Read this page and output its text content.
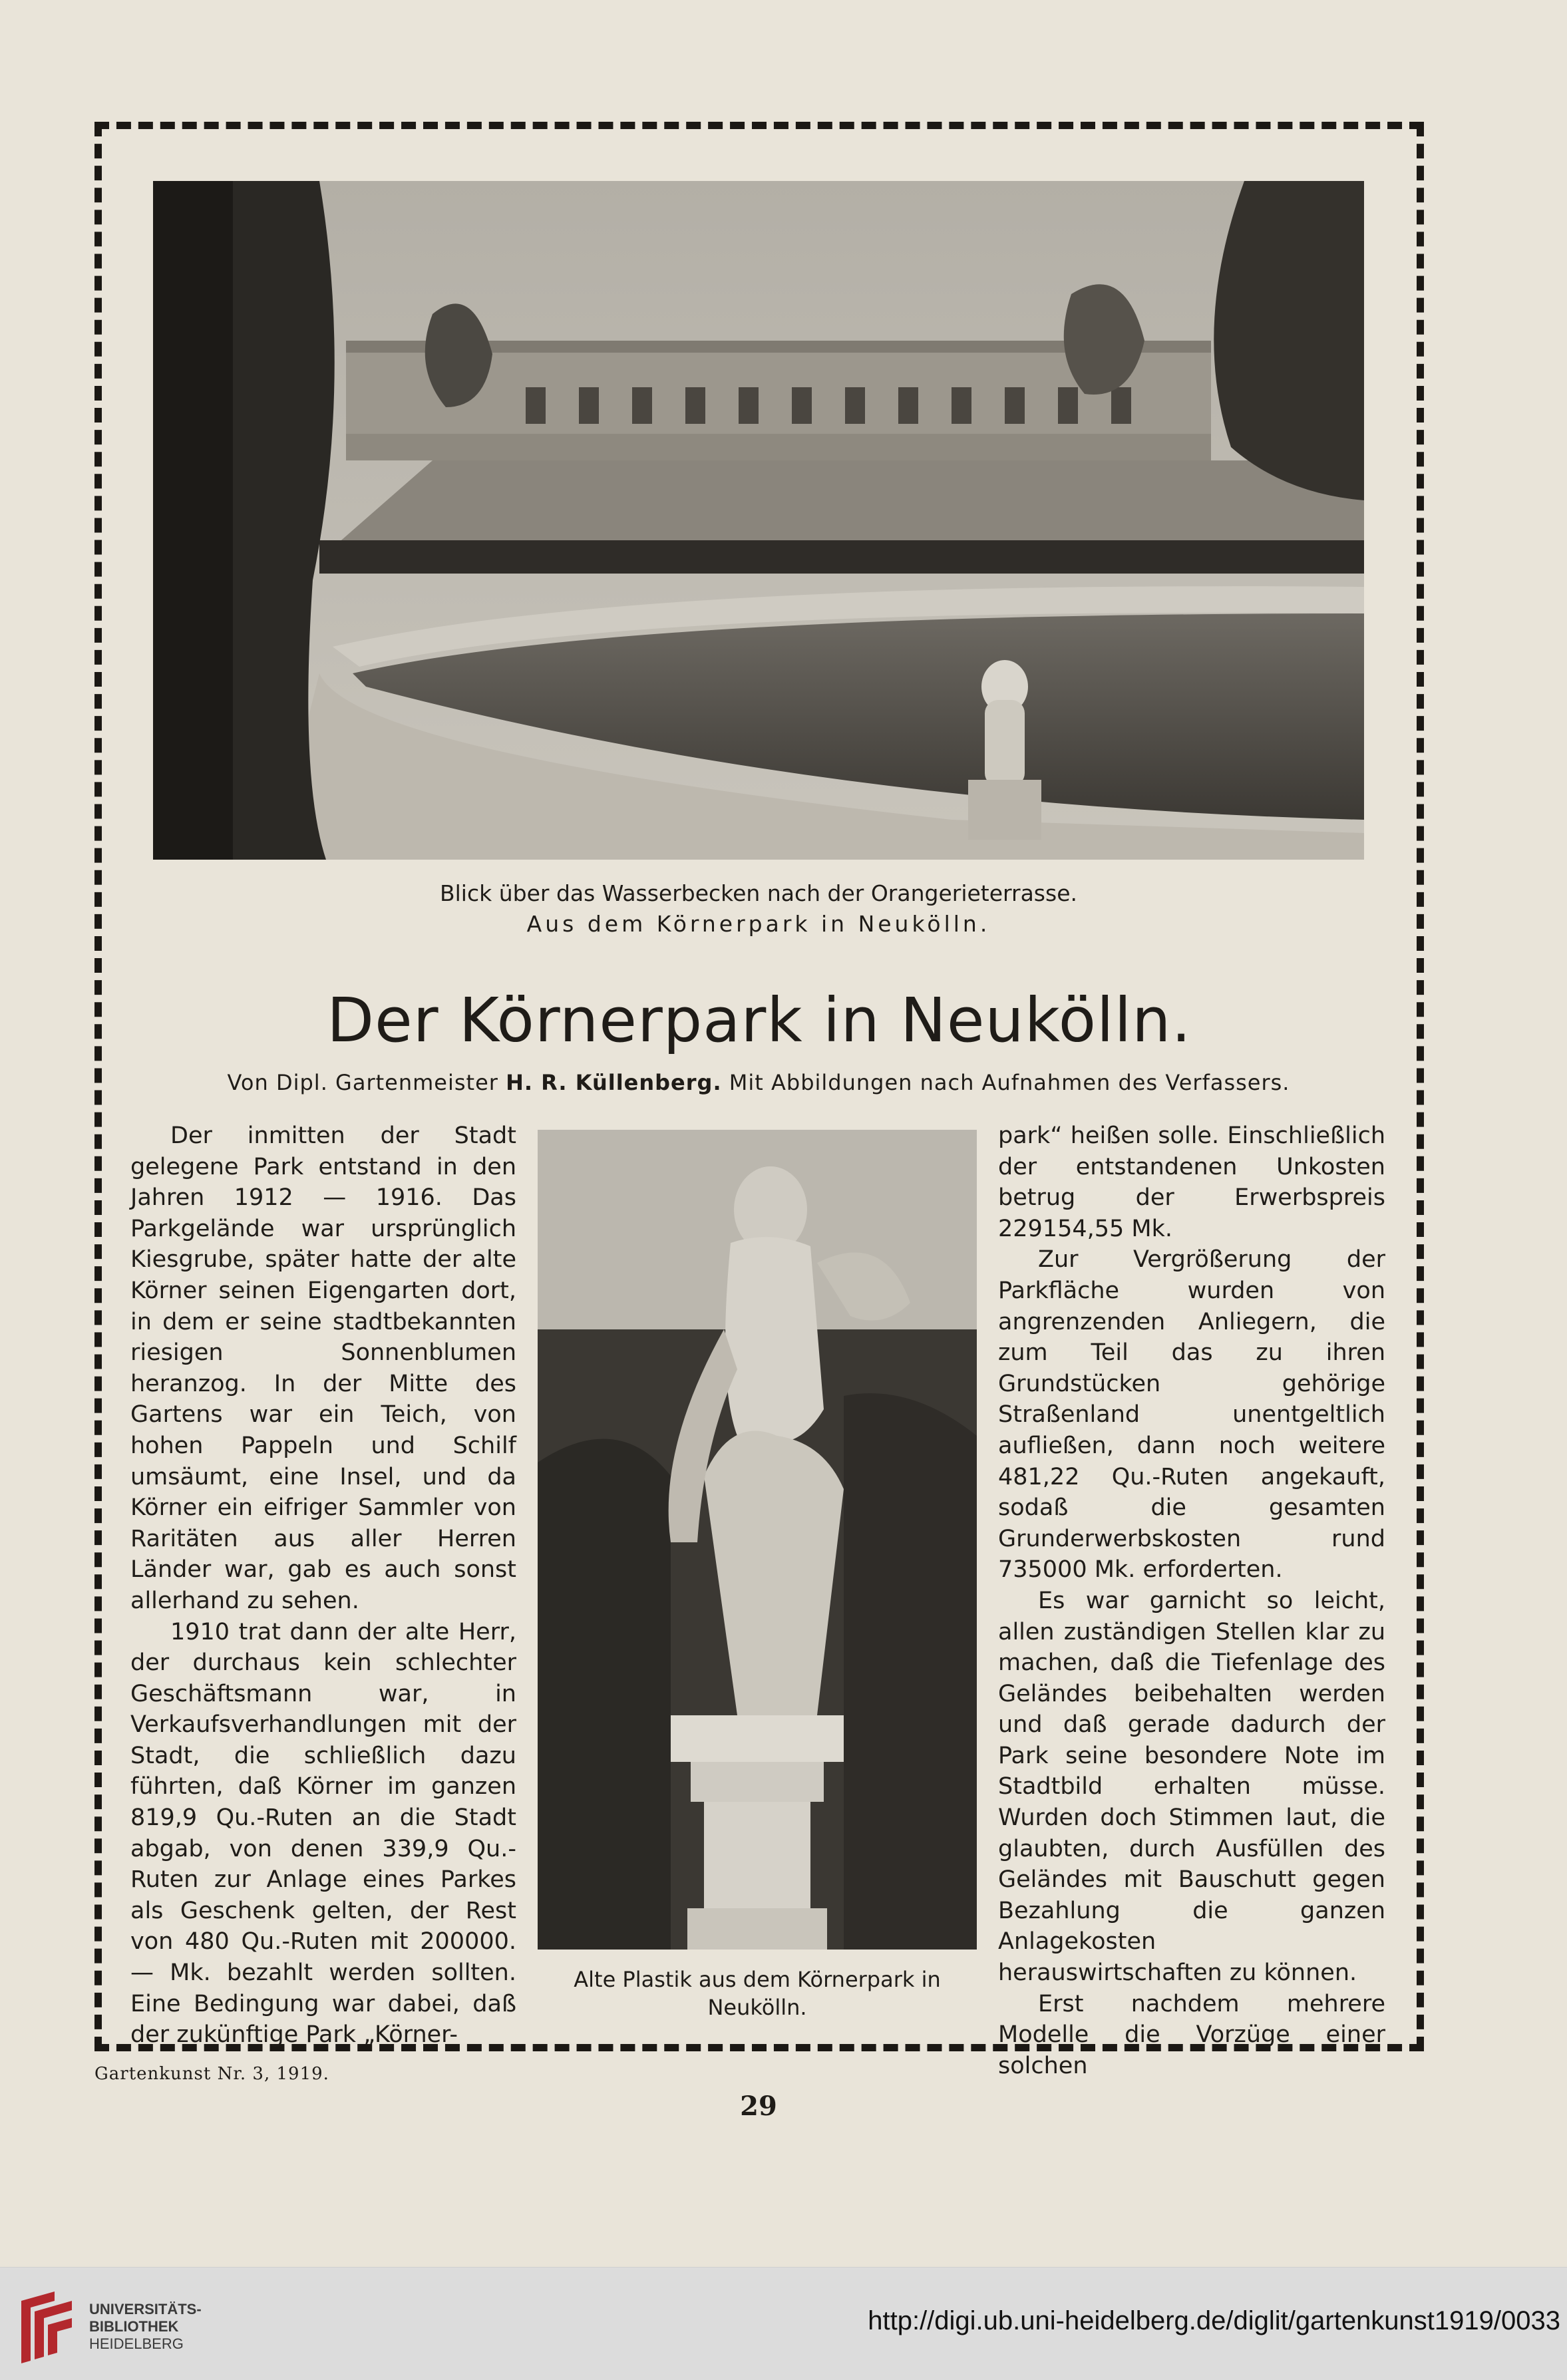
Blick über das Wasserbecken nach der Orangerieterrasse.
Aus dem Körnerpark in Neukölln.
Der Körnerpark in Neukölln.
Von Dipl. Gartenmeister H. R. Küllenberg. Mit Abbildungen nach Aufnahmen des Verfassers.

Der inmitten der Stadt gelegene Park entstand in den Jahren 1912 — 1916. Das Parkgelände war ursprünglich Kiesgrube, später hatte der alte Körner seinen Eigengarten dort, in dem er seine stadtbekannten riesigen Sonnenblumen heranzog. In der Mitte des Gartens war ein Teich, von hohen Pappeln und Schilf umsäumt, eine Insel, und da Körner ein eifriger Sammler von Raritäten aus aller Herren Länder war, gab es auch sonst allerhand zu sehen.

1910 trat dann der alte Herr, der durchaus kein schlechter Geschäftsmann war, in Verkaufsverhandlungen mit der Stadt, die schließlich dazu führten, daß Körner im ganzen 819,9 Qu.-Ruten an die Stadt abgab, von denen 339,9 Qu.-Ruten zur Anlage eines Parkes als Geschenk gelten, der Rest von 480 Qu.-Ruten mit 200000.— Mk. bezahlt werden sollten. Eine Bedingung war dabei, daß der zukünftige Park „Körner-

Alte Plastik aus dem Körnerpark in
Neukölln.

park“ heißen solle. Einschließlich der entstandenen Unkosten betrug der Erwerbspreis 229154,55 Mk.

Zur Vergrößerung der Parkfläche wurden von angrenzenden Anliegern, die zum Teil das zu ihren Grundstücken gehörige Straßenland unentgeltlich aufließen, dann noch weitere 481,22 Qu.-Ruten angekauft, sodaß die gesamten Grunderwerbskosten rund 735000 Mk. erforderten.

Es war garnicht so leicht, allen zuständigen Stellen klar zu machen, daß die Tiefenlage des Geländes beibehalten werden und daß gerade dadurch der Park seine besondere Note im Stadtbild erhalten müsse. Wurden doch Stimmen laut, die glaubten, durch Ausfüllen des Geländes mit Bauschutt gegen Bezahlung die ganzen Anlagekosten herauswirtschaften zu können.

Erst nachdem mehrere Modelle die Vorzüge einer solchen

Gartenkunst Nr. 3, 1919.
29
UNIVERSITÄTS-
BIBLIOTHEK
HEIDELBERG
http://digi.ub.uni-heidelberg.de/diglit/gartenkunst1919/0033
